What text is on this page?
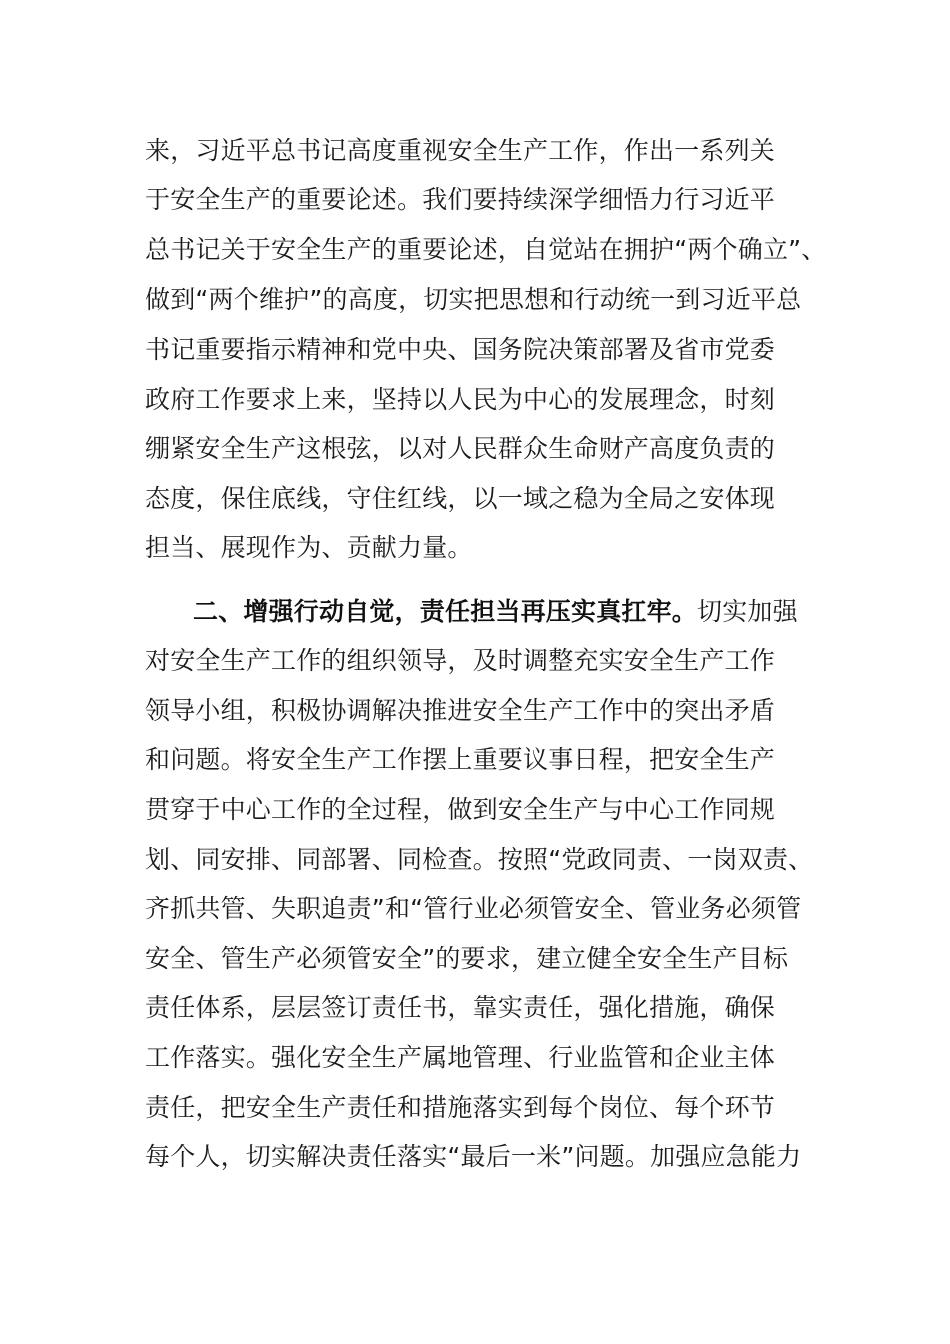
来，习近平总书记高度重视安全生产工作，作出一系列关
于安全生产的重要论述。我们要持续深学细悟力行习近平
总书记关于安全生产的重要论述，自觉站在拥护“两个确立”、
做到“两个维护”的高度，切实把思想和行动统一到习近平总
书记重要指示精神和党中央、国务院决策部署及省市党委
政府工作要求上来，坚持以人民为中心的发展理念，时刻
绷紧安全生产这根弦，以对人民群众生命财产高度负责的
态度，保住底线，守住红线，以一域之稳为全局之安体现
担当、展现作为、贡献力量。
二、增强行动自觉，责任担当再压实真扛牢。切实加强
对安全生产工作的组织领导，及时调整充实安全生产工作
领导小组，积极协调解决推进安全生产工作中的突出矛盾
和问题。将安全生产工作摆上重要议事日程，把安全生产
贯穿于中心工作的全过程，做到安全生产与中心工作同规
划、同安排、同部署、同检查。按照“党政同责、一岗双责、
齐抓共管、失职追责”和“管行业必须管安全、管业务必须管
安全、管生产必须管安全”的要求，建立健全安全生产目标
责任体系，层层签订责任书，靠实责任，强化措施，确保
工作落实。强化安全生产属地管理、行业监管和企业主体
责任，把安全生产责任和措施落实到每个岗位、每个环节
每个人，切实解决责任落实“最后一米”问题。加强应急能力
